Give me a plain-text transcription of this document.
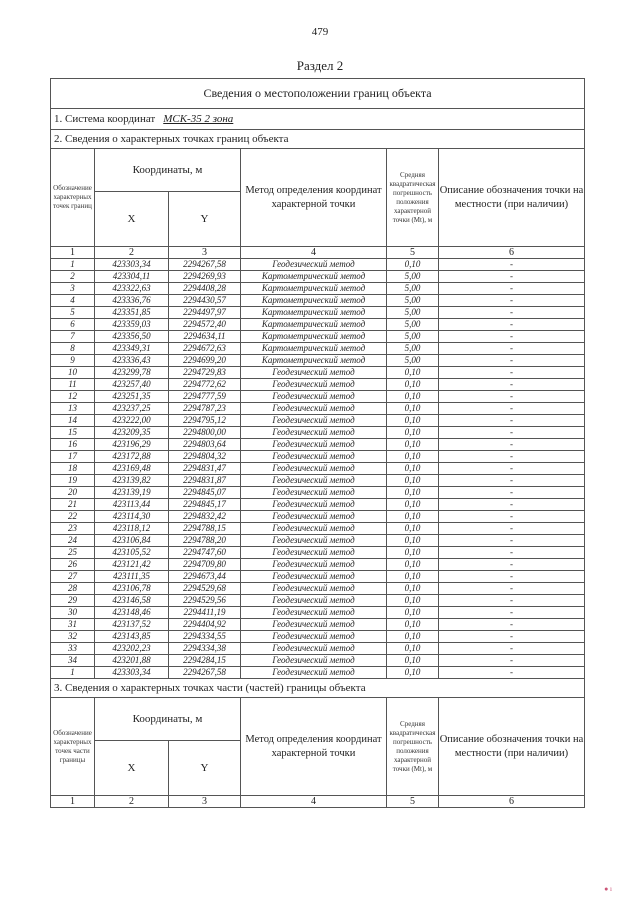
479
Раздел 2
Сведения о местоположении границ объекта					
1. Система координат МСК-35 2 зона					
2. Сведения о характерных точках границ объекта					
Обозначение характерных точек границ	Координаты, м		Метод определения координат характерной точки	Средняя квадратическая погрешность положения характерной точки (Mt), м	Описание обозначения точки на местности (при наличии)
	X	Y			
1	2	3	4	5	6
1	423303,34	2294267,58	Геодезический метод	0,10	-
2	423304,11	2294269,93	Картометрический метод	5,00	-
3	423322,63	2294408,28	Картометрический метод	5,00	-
4	423336,76	2294430,57	Картометрический метод	5,00	-
5	423351,85	2294497,97	Картометрический метод	5,00	-
6	423359,03	2294572,40	Картометрический метод	5,00	-
7	423356,50	2294634,11	Картометрический метод	5,00	-
8	423349,31	2294672,63	Картометрический метод	5,00	-
9	423336,43	2294699,20	Картометрический метод	5,00	-
10	423299,78	2294729,83	Геодезический метод	0,10	-
11	423257,40	2294772,62	Геодезический метод	0,10	-
12	423251,35	2294777,59	Геодезический метод	0,10	-
13	423237,25	2294787,23	Геодезический метод	0,10	-
14	423222,00	2294795,12	Геодезический метод	0,10	-
15	423209,35	2294800,00	Геодезический метод	0,10	-
16	423196,29	2294803,64	Геодезический метод	0,10	-
17	423172,88	2294804,32	Геодезический метод	0,10	-
18	423169,48	2294831,47	Геодезический метод	0,10	-
19	423139,82	2294831,87	Геодезический метод	0,10	-
20	423139,19	2294845,07	Геодезический метод	0,10	-
21	423113,44	2294845,17	Геодезический метод	0,10	-
22	423114,30	2294832,42	Геодезический метод	0,10	-
23	423118,12	2294788,15	Геодезический метод	0,10	-
24	423106,84	2294788,20	Геодезический метод	0,10	-
25	423105,52	2294747,60	Геодезический метод	0,10	-
26	423121,42	2294709,80	Геодезический метод	0,10	-
27	423111,35	2294673,44	Геодезический метод	0,10	-
28	423106,78	2294529,68	Геодезический метод	0,10	-
29	423146,58	2294529,56	Геодезический метод	0,10	-
30	423148,46	2294411,19	Геодезический метод	0,10	-
31	423137,52	2294404,92	Геодезический метод	0,10	-
32	423143,85	2294334,55	Геодезический метод	0,10	-
33	423202,23	2294334,38	Геодезический метод	0,10	-
34	423201,88	2294284,15	Геодезический метод	0,10	-
1	423303,34	2294267,58	Геодезический метод	0,10	-
3. Сведения о характерных точках части (частей) границы объекта					
Обозначение характерных точек части границы	Координаты, м		Метод определения координат характерной точки	Средняя квадратическая погрешность положения характерной точки (Mt), м	Описание обозначения точки на местности (при наличии)
	X	Y			
1	2	3	4	5	6
● ı
